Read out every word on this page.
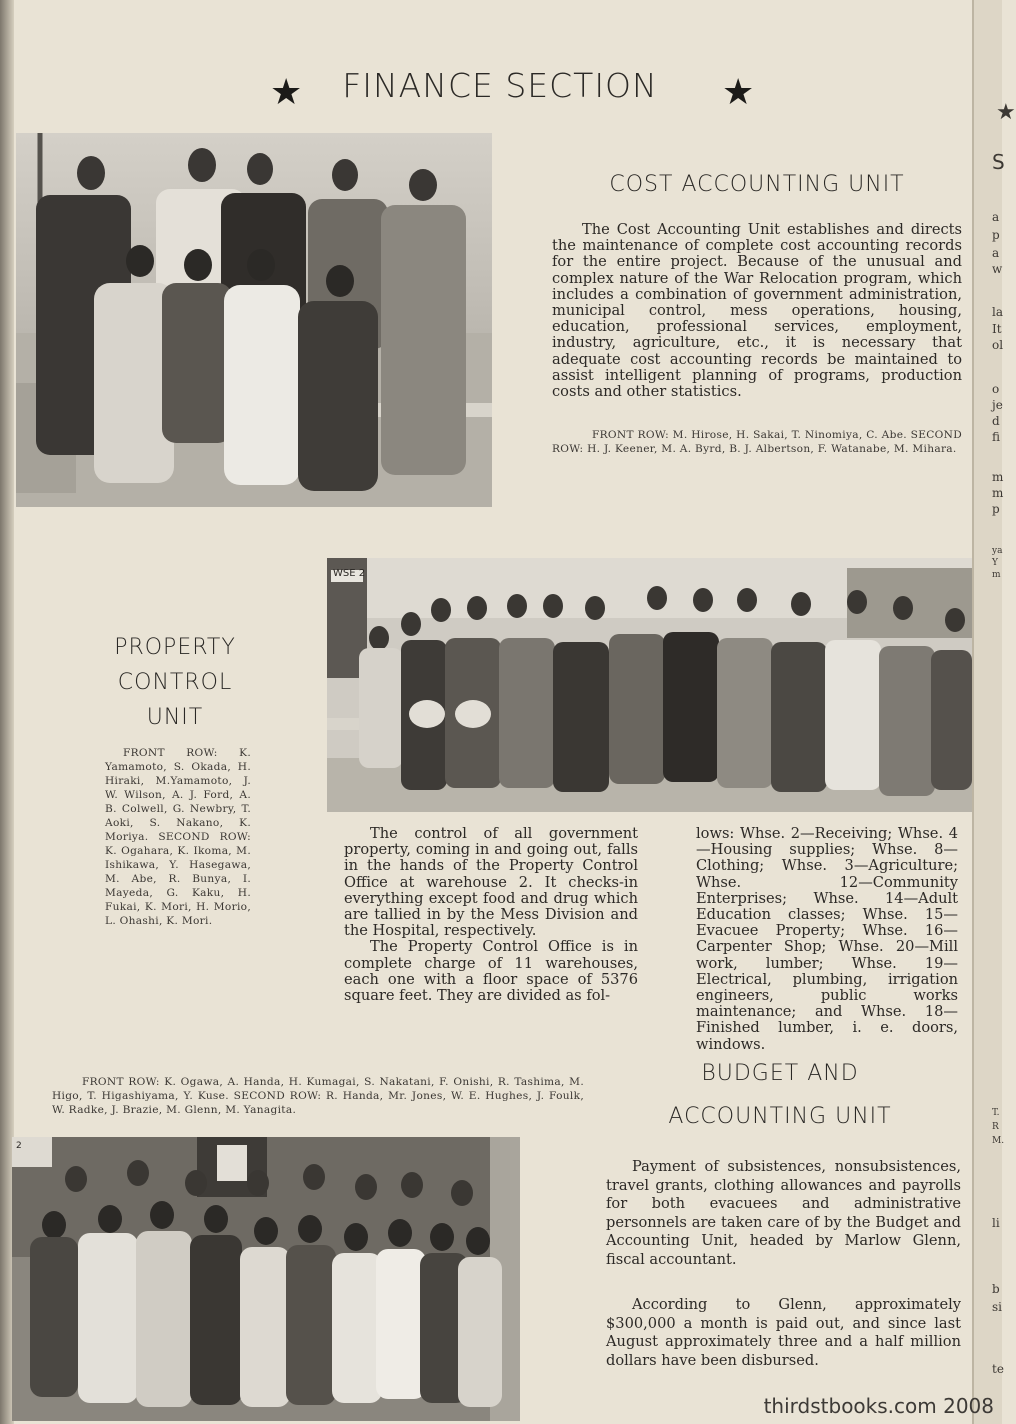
★
S
a
p
a
w
la
It
ol
o
je
d
fi
m
m
p
ya
Y
m
T.
R
M.
li
b
si
te
★	FINANCE SECTION	★
COST ACCOUNTING UNIT
The Cost Accounting Unit establishes and directs the maintenance of complete cost accounting records for the entire project. Because of the unusual and complex nature of the War Relocation program, which includes a combination of government administration, municipal control, mess operations, housing, education, professional services, employment, industry, agriculture, etc., it is necessary that adequate cost accounting records be maintained to assist intelligent planning of programs, production costs and other statistics.
FRONT ROW: M. Hirose, H. Sakai, T. Ninomiya, C. Abe. SECOND ROW: H. J. Keener, M. A. Byrd, B. J. Albertson, F. Watanabe, M. Mihara.
WSE 2
PROPERTY
CONTROL
UNIT
FRONT ROW: K. Yamamoto, S. Okada, H. Hiraki, M.Yamamoto, J. W. Wilson, A. J. Ford, A. B. Colwell, G. Newbry, T. Aoki, S. Nakano, K. Moriya. SECOND ROW: K. Ogahara, K. Ikoma, M. Ishikawa, Y. Hasegawa, M. Abe, R. Bunya, I. Mayeda, G. Kaku, H. Fukai, K. Mori, H. Morio, L. Ohashi, K. Mori.

The control of all government property, coming in and going out, falls in the hands of the Property Control Office at warehouse 2. It checks-in everything except food and drug which are tallied in by the Mess Division and the Hospital, respectively.

The Property Control Office is in complete charge of 11 warehouses, each one with a floor space of 5376 square feet. They are divided as fol-

lows: Whse. 2—Receiving; Whse. 4—Housing supplies; Whse. 8—Clothing; Whse. 3—Agriculture; Whse. 12—Community Enterprises; Whse. 14—Adult Education classes; Whse. 15—Evacuee Property; Whse. 16—Carpenter Shop; Whse. 20—Mill work, lumber; Whse. 19—Electrical, plumbing, irrigation engineers, public works maintenance; and Whse. 18—Finished lumber, i. e. doors, windows.
FRONT ROW: K. Ogawa, A. Handa, H. Kumagai, S. Nakatani, F. Onishi, R. Tashima, M. Higo, T. Higashiyama, Y. Kuse. SECOND ROW: R. Handa, Mr. Jones, W. E. Hughes, J. Foulk, W. Radke, J. Brazie, M. Glenn, M. Yanagita.
2
BUDGET AND
ACCOUNTING UNIT

Payment of subsistences, nonsubsistences, travel grants, clothing allowances and payrolls for both evacuees and administrative personnels are taken care of by the Budget and Accounting Unit, headed by Marlow Glenn, fiscal accountant.

According to Glenn, approximately $300,000 a month is paid out, and since last August approximately three and a half million dollars have been disbursed.

thirdstbooks.com 2008
